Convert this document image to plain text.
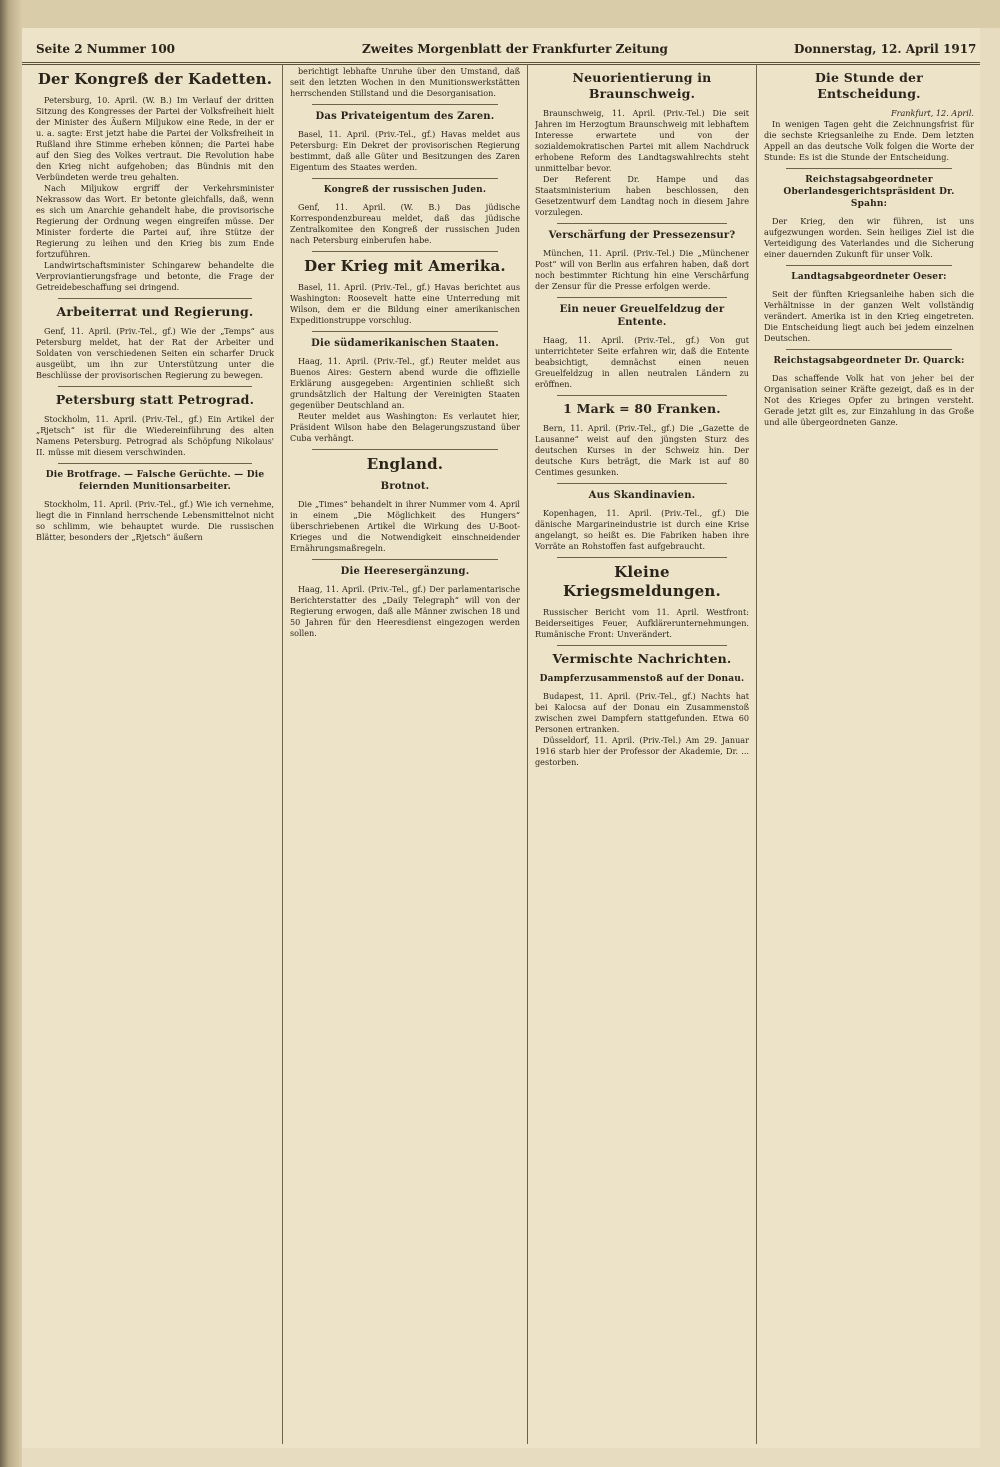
Seite 2 Nummer 100	Zweites Morgenblatt der Frankfurter Zeitung	Donnerstag, 12. April 1917
Der Kongreß der Kadetten.

Petersburg, 10. April. (W. B.) Im Verlauf der dritten Sitzung des Kongresses der Partei der Volksfreiheit hielt der Minister des Äußern Miljukow eine Rede, in der er u. a. sagte: Erst jetzt habe die Partei der Volksfreiheit in Rußland ihre Stimme erheben können; die Partei habe auf den Sieg des Volkes vertraut. Die Revolution habe den Krieg nicht aufgehoben; das Bündnis mit den Verbündeten werde treu gehalten.

Nach Miljukow ergriff der Verkehrsminister Nekrassow das Wort. Er betonte gleichfalls, daß, wenn es sich um Anarchie gehandelt habe, die provisorische Regierung der Ordnung wegen eingreifen müsse. Der Minister forderte die Partei auf, ihre Stütze der Regierung zu leihen und den Krieg bis zum Ende fortzuführen.

Landwirtschaftsminister Schingarew behandelte die Verproviantierungsfrage und betonte, die Frage der Getreidebeschaffung sei dringend.

Arbeiterrat und Regierung.

Genf, 11. April. (Priv.-Tel., gf.) Wie der „Temps“ aus Petersburg meldet, hat der Rat der Arbeiter und Soldaten von verschiedenen Seiten ein scharfer Druck ausgeübt, um ihn zur Unterstützung unter die Beschlüsse der provisorischen Regierung zu bewegen.

Petersburg statt Petrograd.

Stockholm, 11. April. (Priv.-Tel., gf.) Ein Artikel der „Rjetsch“ ist für die Wiedereinführung des alten Namens Petersburg. Petrograd als Schöpfung Nikolaus' II. müsse mit diesem verschwinden.

Die Brotfrage. — Falsche Gerüchte. — Die feiernden Munitionsarbeiter.

Stockholm, 11. April. (Priv.-Tel., gf.) Wie ich vernehme, liegt die in Finnland herrschende Lebensmittelnot nicht so schlimm, wie behauptet wurde. Die russischen Blätter, besonders der „Rjetsch“ äußern

berichtigt lebhafte Unruhe über den Umstand, daß seit den letzten Wochen in den Munitionswerkstätten herrschenden Stillstand und die Desorganisation.

Das Privateigentum des Zaren.

Basel, 11. April. (Priv.-Tel., gf.) Havas meldet aus Petersburg: Ein Dekret der provisorischen Regierung bestimmt, daß alle Güter und Besitzungen des Zaren Eigentum des Staates werden.

Kongreß der russischen Juden.

Genf, 11. April. (W. B.) Das jüdische Korrespondenzbureau meldet, daß das jüdische Zentralkomitee den Kongreß der russischen Juden nach Petersburg einberufen habe.

Der Krieg mit Amerika.

Basel, 11. April. (Priv.-Tel., gf.) Havas berichtet aus Washington: Roosevelt hatte eine Unterredung mit Wilson, dem er die Bildung einer amerikanischen Expeditionstruppe vorschlug.

Die südamerikanischen Staaten.

Haag, 11. April. (Priv.-Tel., gf.) Reuter meldet aus Buenos Aires: Gestern abend wurde die offizielle Erklärung ausgegeben: Argentinien schließt sich grundsätzlich der Haltung der Vereinigten Staaten gegenüber Deutschland an.

Reuter meldet aus Washington: Es verlautet hier, Präsident Wilson habe den Belagerungszustand über Cuba verhängt.

England.
Brotnot.

Die „Times“ behandelt in ihrer Nummer vom 4. April in einem „Die Möglichkeit des Hungers“ überschriebenen Artikel die Wirkung des U-Boot-Krieges und die Notwendigkeit einschneidender Ernährungsmaßregeln.

Die Heeresergänzung.

Haag, 11. April. (Priv.-Tel., gf.) Der parlamentarische Berichterstatter des „Daily Telegraph“ will von der Regierung erwogen, daß alle Männer zwischen 18 und 50 Jahren für den Heeresdienst eingezogen werden sollen.

Neuorientierung in Braunschweig.

Braunschweig, 11. April. (Priv.-Tel.) Die seit Jahren im Herzogtum Braunschweig mit lebhaftem Interesse erwartete und von der sozialdemokratischen Partei mit allem Nachdruck erhobene Reform des Landtagswahlrechts steht unmittelbar bevor.

Der Referent Dr. Hampe und das Staatsministerium haben beschlossen, den Gesetzentwurf dem Landtag noch in diesem Jahre vorzulegen.

Verschärfung der Pressezensur?

München, 11. April. (Priv.-Tel.) Die „Münchener Post“ will von Berlin aus erfahren haben, daß dort noch bestimmter Richtung hin eine Verschärfung der Zensur für die Presse erfolgen werde.

Ein neuer Greuelfeldzug der Entente.

Haag, 11. April. (Priv.-Tel., gf.) Von gut unterrichteter Seite erfahren wir, daß die Entente beabsichtigt, demnächst einen neuen Greuelfeldzug in allen neutralen Ländern zu eröffnen.

1 Mark = 80 Franken.

Bern, 11. April. (Priv.-Tel., gf.) Die „Gazette de Lausanne“ weist auf den jüngsten Sturz des deutschen Kurses in der Schweiz hin. Der deutsche Kurs beträgt, die Mark ist auf 80 Centimes gesunken.

Aus Skandinavien.

Kopenhagen, 11. April. (Priv.-Tel., gf.) Die dänische Margarineindustrie ist durch eine Krise angelangt, so heißt es. Die Fabriken haben ihre Vorräte an Rohstoffen fast aufgebraucht.

Kleine Kriegsmeldungen.

Russischer Bericht vom 11. April. Westfront: Beiderseitiges Feuer, Aufklärerunternehmungen. Rumänische Front: Unverändert.

Vermischte Nachrichten.
Dampferzusammenstoß auf der Donau.

Budapest, 11. April. (Priv.-Tel., gf.) Nachts hat bei Kalocsa auf der Donau ein Zusammenstoß zwischen zwei Dampfern stattgefunden. Etwa 60 Personen ertranken.

Düsseldorf, 11. April. (Priv.-Tel.) Am 29. Januar 1916 starb hier der Professor der Akademie, Dr. ... gestorben.

Die Stunde der Entscheidung.
Frankfurt, 12. April.

In wenigen Tagen geht die Zeichnungsfrist für die sechste Kriegsanleihe zu Ende. Dem letzten Appell an das deutsche Volk folgen die Worte der Stunde: Es ist die Stunde der Entscheidung.

Reichstagsabgeordneter Oberlandesgerichtspräsident Dr. Spahn:

Der Krieg, den wir führen, ist uns aufgezwungen worden. Sein heiliges Ziel ist die Verteidigung des Vaterlandes und die Sicherung einer dauernden Zukunft für unser Volk.

Landtagsabgeordneter Oeser:

Seit der fünften Kriegsanleihe haben sich die Verhältnisse in der ganzen Welt vollständig verändert. Amerika ist in den Krieg eingetreten. Die Entscheidung liegt auch bei jedem einzelnen Deutschen.

Reichstagsabgeordneter Dr. Quarck:

Das schaffende Volk hat von jeher bei der Organisation seiner Kräfte gezeigt, daß es in der Not des Krieges Opfer zu bringen versteht. Gerade jetzt gilt es, zur Einzahlung in das Große und alle übergeordneten Ganze.
